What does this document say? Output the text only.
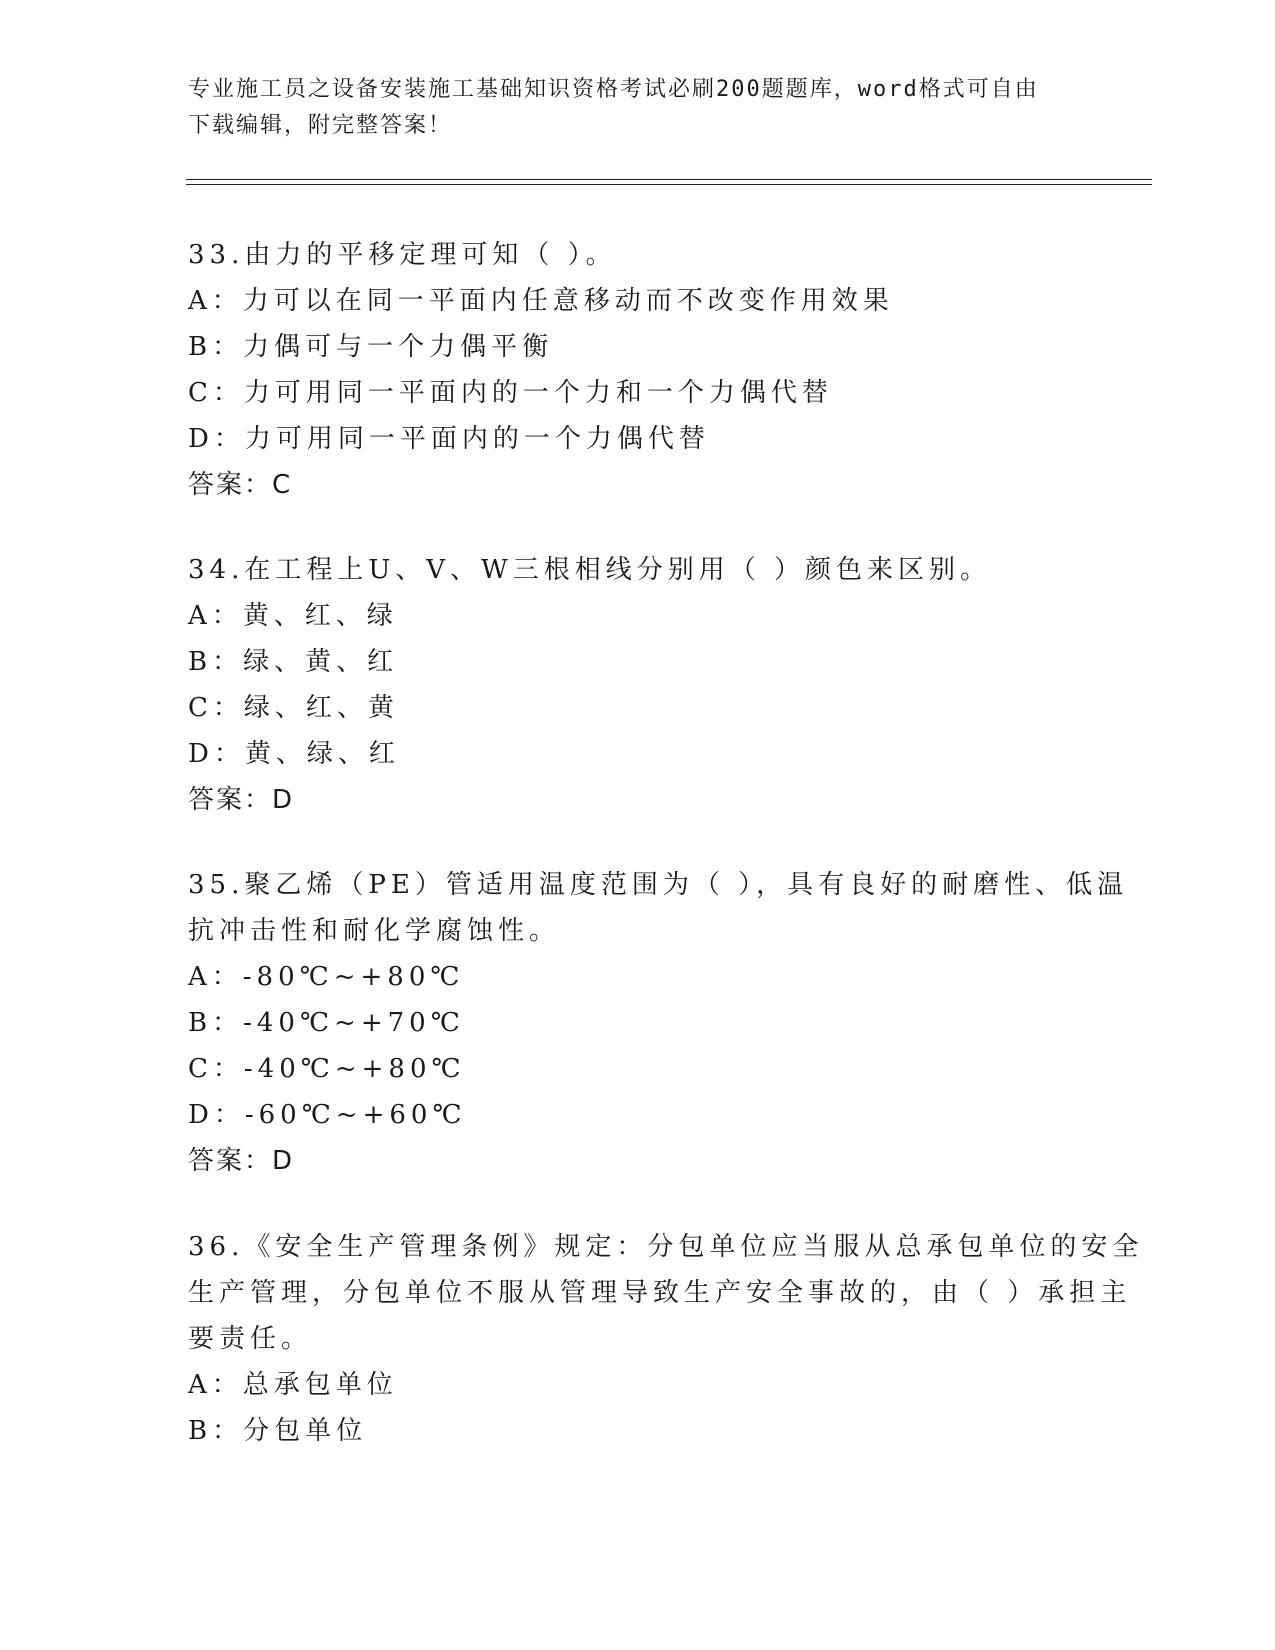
专业施工员之设备安装施工基础知识资格考试必刷200题题库，word格式可自由
下载编辑，附完整答案！
33.由力的平移定理可知（ ）。
A：力可以在同一平面内任意移动而不改变作用效果
B：力偶可与一个力偶平衡
C：力可用同一平面内的一个力和一个力偶代替
D：力可用同一平面内的一个力偶代替
答案：C
34.在工程上U、V、W三根相线分别用（ ）颜色来区别。
A：黄、红、绿
B：绿、黄、红
C：绿、红、黄
D：黄、绿、红
答案：D
35.聚乙烯（PE）管适用温度范围为（ ），具有良好的耐磨性、低温
抗冲击性和耐化学腐蚀性。
A：-80℃~+80℃
B：-40℃~+70℃
C：-40℃~+80℃
D：-60℃~+60℃
答案：D
36.《安全生产管理条例》规定：分包单位应当服从总承包单位的安全
生产管理，分包单位不服从管理导致生产安全事故的，由（ ）承担主
要责任。
A：总承包单位
B：分包单位
